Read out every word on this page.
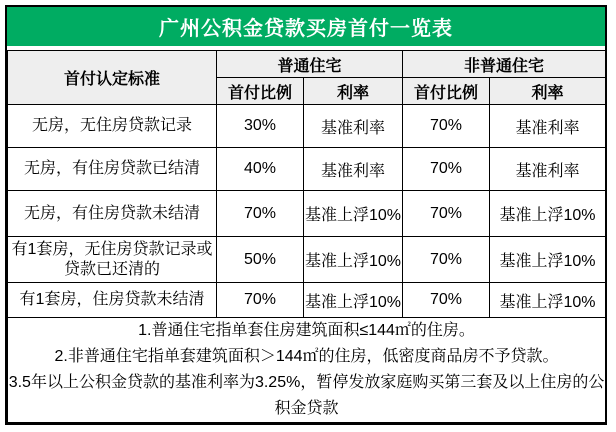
广州公积金贷款买房首付一览表
首付认定标准	普通住宅		非普通住宅	
	首付比例	利率	首付比例	利率
无房，无住房贷款记录	30%	基准利率	70%	基准利率
无房，有住房贷款已结清	40%	基准利率	70%	基准利率
无房，有住房贷款未结清	70%	基准上浮10%	70%	基准上浮10%
有1套房，无住房贷款记录或贷款已还清的	50%	基准上浮10%	70%	基准上浮10%
有1套房，住房贷款未结清	70%	基准上浮10%	70%	基准上浮10%

1.普通住宅指单套住房建筑面积≤144㎡的住房。
2.非普通住宅指单套建筑面积＞144㎡的住房，低密度商品房不予贷款。
3.5年以上公积金贷款的基准利率为3.25%，暂停发放家庭购买第三套及以上住房的公积金贷款				
